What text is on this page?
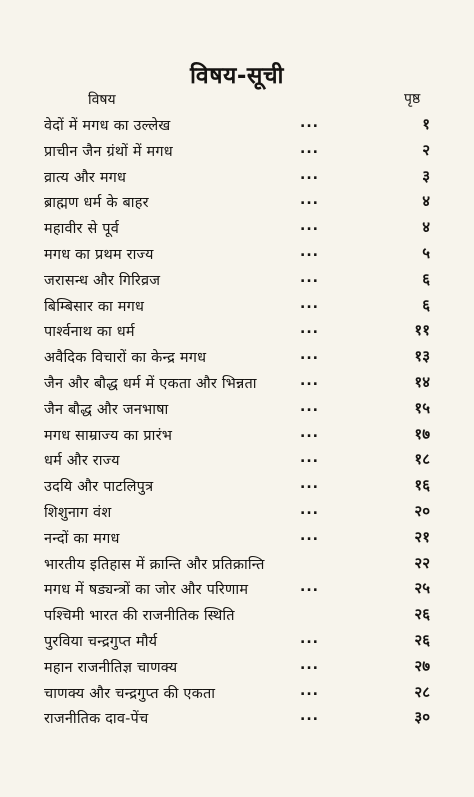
विषय-सूची
विषय	पृष्ठ
वेदों में मगध का उल्लेख	...	१
प्राचीन जैन ग्रंथों में मगध	...	२
व्रात्य और मगध	...	३
ब्राह्मण धर्म के बाहर	...	४
महावीर से पूर्व	...	४
मगध का प्रथम राज्य	...	५
जरासन्ध और गिरिव्रज	...	६
बिम्बिसार का मगध	...	६
पार्श्वनाथ का धर्म	...	११
अवैदिक विचारों का केन्द्र मगध	...	१३
जैन और बौद्ध धर्म में एकता और भिन्नता	...	१४
जैन बौद्ध और जनभाषा	...	१५
मगध साम्राज्य का प्रारंभ	...	१७
धर्म और राज्य	...	१८
उदयि और पाटलिपुत्र	...	१६
शिशुनाग वंश	...	२०
नन्दों का मगध	...	२१
भारतीय इतिहास में क्रान्ति और प्रतिक्रान्ति	२२
मगध में षड्यन्त्रों का जोर और परिणाम	...	२५
पश्चिमी भारत की राजनीतिक स्थिति	२६
पुरविया चन्द्रगुप्त मौर्य	...	२६
महान राजनीतिज्ञ चाणक्य	...	२७
चाणक्य और चन्द्रगुप्त की एकता	...	२८
राजनीतिक दाव-पेंच	...	३०
